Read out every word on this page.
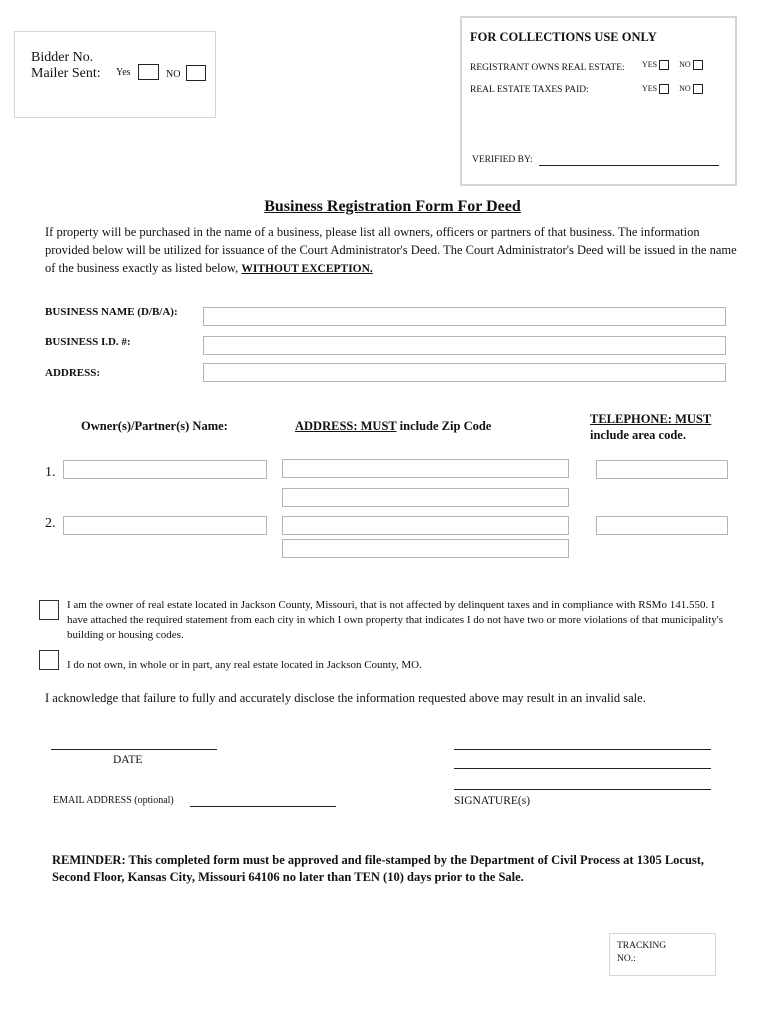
Bidder No.
Mailer Sent: Yes	NO
FOR COLLECTIONS USE ONLY
REGISTRANT OWNS REAL ESTATE: YES	NO
REAL ESTATE TAXES PAID:	YES	NO
VERIFIED BY:
Business Registration Form For Deed
If property will be purchased in the name of a business, please list all owners, officers or partners of that business. The information provided below will be utilized for issuance of the Court Administrator's Deed. The Court Administrator's Deed will be issued in the name of the business exactly as listed below, WITHOUT EXCEPTION.
BUSINESS NAME (D/B/A):
BUSINESS I.D. #:
ADDRESS:
Owner(s)/Partner(s) Name:	ADDRESS: MUST include Zip Code	TELEPHONE: MUST
include area code.
1.
2.
I am the owner of real estate located in Jackson County, Missouri, that is not affected by delinquent taxes and in compliance with RSMo 141.550. I have attached the required statement from each city in which I own property that indicates I do not have two or more violations of that municipality's building or housing codes.
I do not own, in whole or in part, any real estate located in Jackson County, MO.
I acknowledge that failure to fully and accurately disclose the information requested above may result in an invalid sale.
DATE
EMAIL ADDRESS (optional)	SIGNATURE(s)
REMINDER: This completed form must be approved and file-stamped by the Department of Civil Process at 1305 Locust, Second Floor, Kansas City, Missouri 64106 no later than TEN (10) days prior to the Sale.
TRACKING NO.:
